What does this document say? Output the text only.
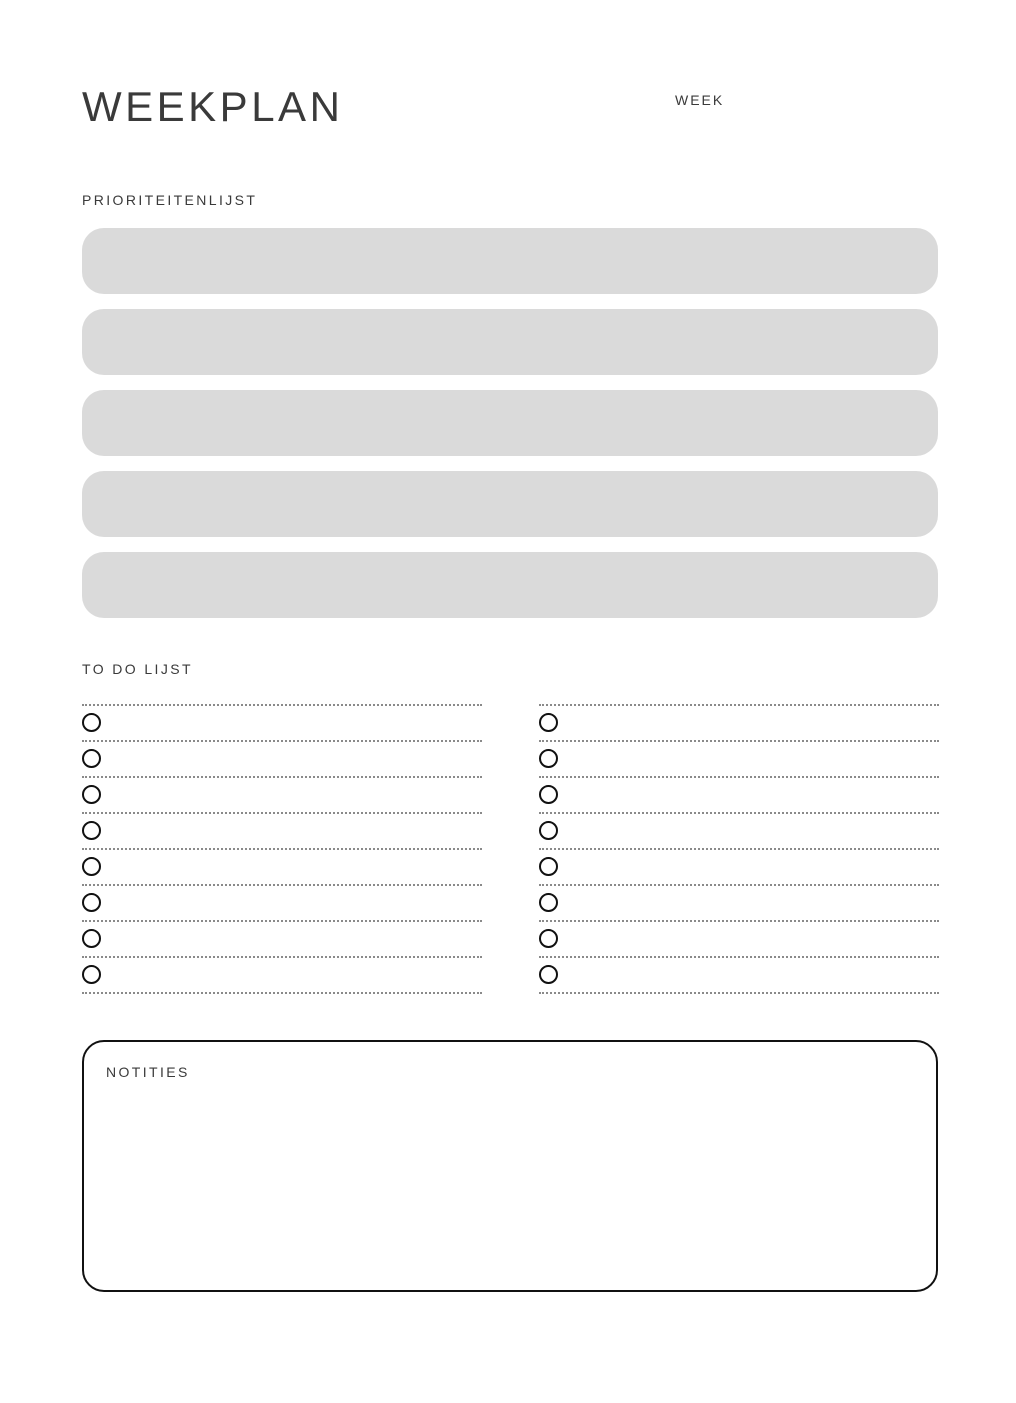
WEEKPLAN	WEEK
PRIORITEITENLIJST
TO DO LIJST
NOTITIES
